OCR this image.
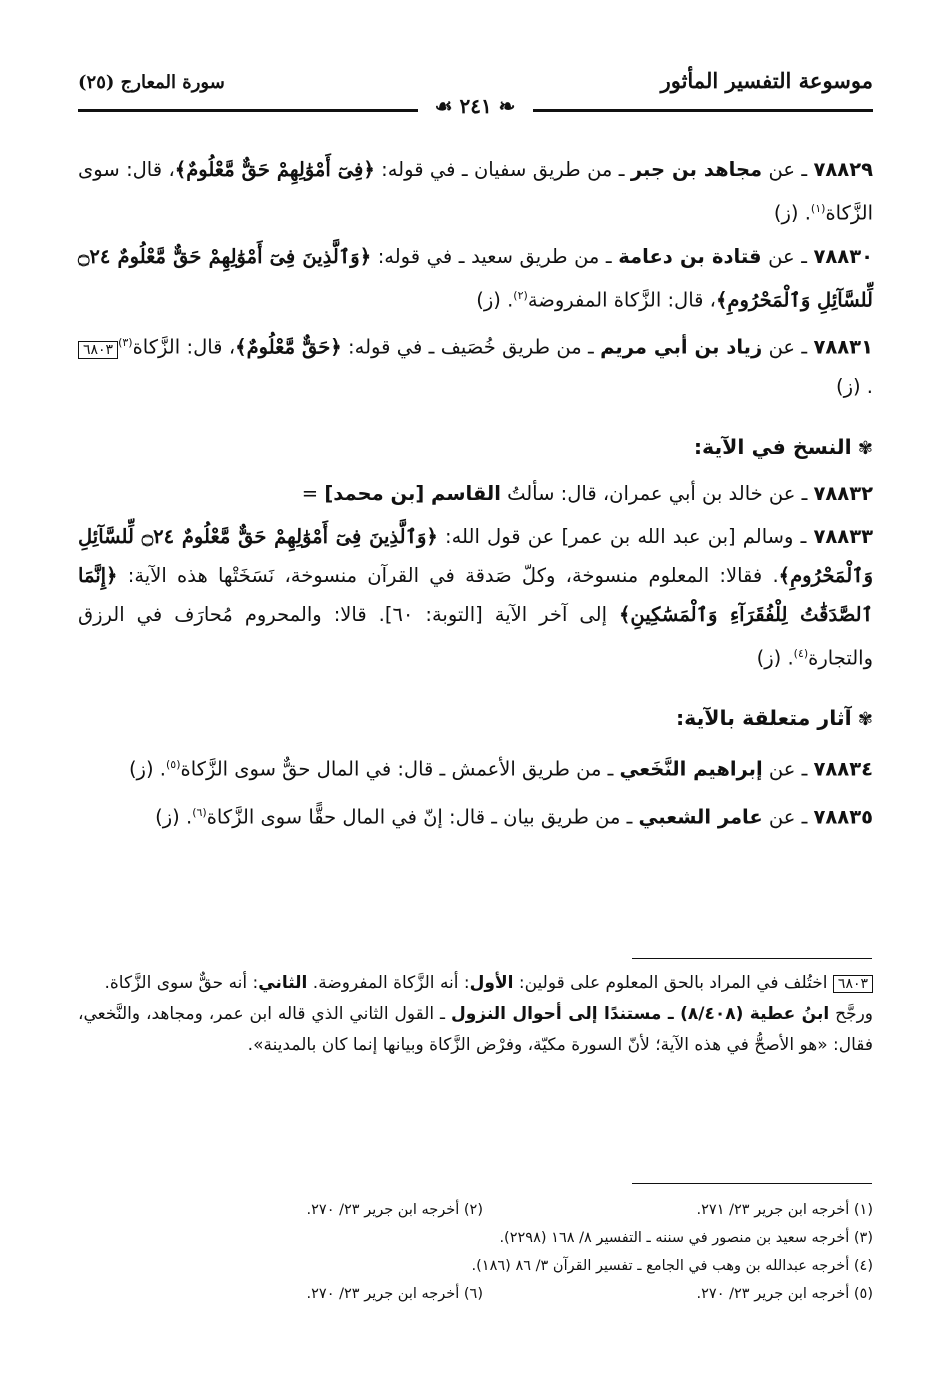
موسوعة التفسير المأثور
سورة المعارج (٢٥)
❧ ٢٤١ ☙

٧٨٨٢٩ ـ عن مجاهد بن جبر ـ من طريق سفيان ـ في قوله: ﴿فِىٓ أَمْوَٰلِهِمْ حَقٌّ مَّعْلُومٌ﴾، قال: سوى الزَّكاة$^{(١)}$. (ز)

٧٨٨٣٠ ـ عن قتادة بن دعامة ـ من طريق سعيد ـ في قوله: ﴿وَٱلَّذِينَ فِىٓ أَمْوَٰلِهِمْ حَقٌّ مَّعْلُومٌ ۝٢٤ لِّلسَّآئِلِ وَٱلْمَحْرُومِ﴾، قال: الزَّكاة المفروضة$^{(٢)}$. (ز)

٧٨٨٣١ ـ عن زياد بن أبي مريم ـ من طريق خُصَيف ـ في قوله: ﴿حَقٌّ مَّعْلُومٌ﴾، قال: الزَّكاة$^{(٣)}$٦٨٠٣. (ز)

✾ النسخ في الآية:

٧٨٨٣٢ ـ عن خالد بن أبي عمران، قال: سألتُ القاسم [بن محمد] =

٧٨٨٣٣ ـ وسالم [بن عبد الله بن عمر] عن قول الله: ﴿وَٱلَّذِينَ فِىٓ أَمْوَٰلِهِمْ حَقٌّ مَّعْلُومٌ ۝٢٤ لِّلسَّآئِلِ وَٱلْمَحْرُومِ﴾. فقالا: المعلوم منسوخة، وكلّ صَدقة في القرآن منسوخة، نَسَخَتْها هذه الآية: ﴿إِنَّمَا ٱلصَّدَقَٰتُ لِلْفُقَرَآءِ وَٱلْمَسَٰكِينِ﴾ إلى آخر الآية [التوبة: ٦٠]. قالا: والمحروم مُحارَف في الرزق والتجارة$^{(٤)}$. (ز)

✾ آثار متعلقة بالآية:

٧٨٨٣٤ ـ عن إبراهيم النَّخَعي ـ من طريق الأعمش ـ قال: في المال حقٌّ سوى الزَّكاة$^{(٥)}$. (ز)

٧٨٨٣٥ ـ عن عامر الشعبي ـ من طريق بيان ـ قال: إنّ في المال حقًّا سوى الزَّكاة$^{(٦)}$. (ز)

٦٨٠٣ اختُلف في المراد بالحق المعلوم على قولين: الأول: أنه الزَّكاة المفروضة. الثاني: أنه حقٌّ سوى الزَّكاة.
ورجَّح ابنُ عطية (٨/٤٠٨) ـ مستندًا إلى أحوال النزول ـ القول الثاني الذي قاله ابن عمر، ومجاهد، والنَّخعي، فقال: «هو الأصحُّ في هذه الآية؛ لأنّ السورة مكيّة، وفرْض الزَّكاة وبيانها إنما كان بالمدينة».
(١) أخرجه ابن جرير ٢٣/ ٢٧١.
(٢) أخرجه ابن جرير ٢٣/ ٢٧٠.
(٣) أخرجه سعيد بن منصور في سننه ـ التفسير ٨/ ١٦٨ (٢٢٩٨).
(٤) أخرجه عبدالله بن وهب في الجامع ـ تفسير القرآن ٣/ ٨٦ (١٨٦).
(٥) أخرجه ابن جرير ٢٣/ ٢٧٠.
(٦) أخرجه ابن جرير ٢٣/ ٢٧٠.
